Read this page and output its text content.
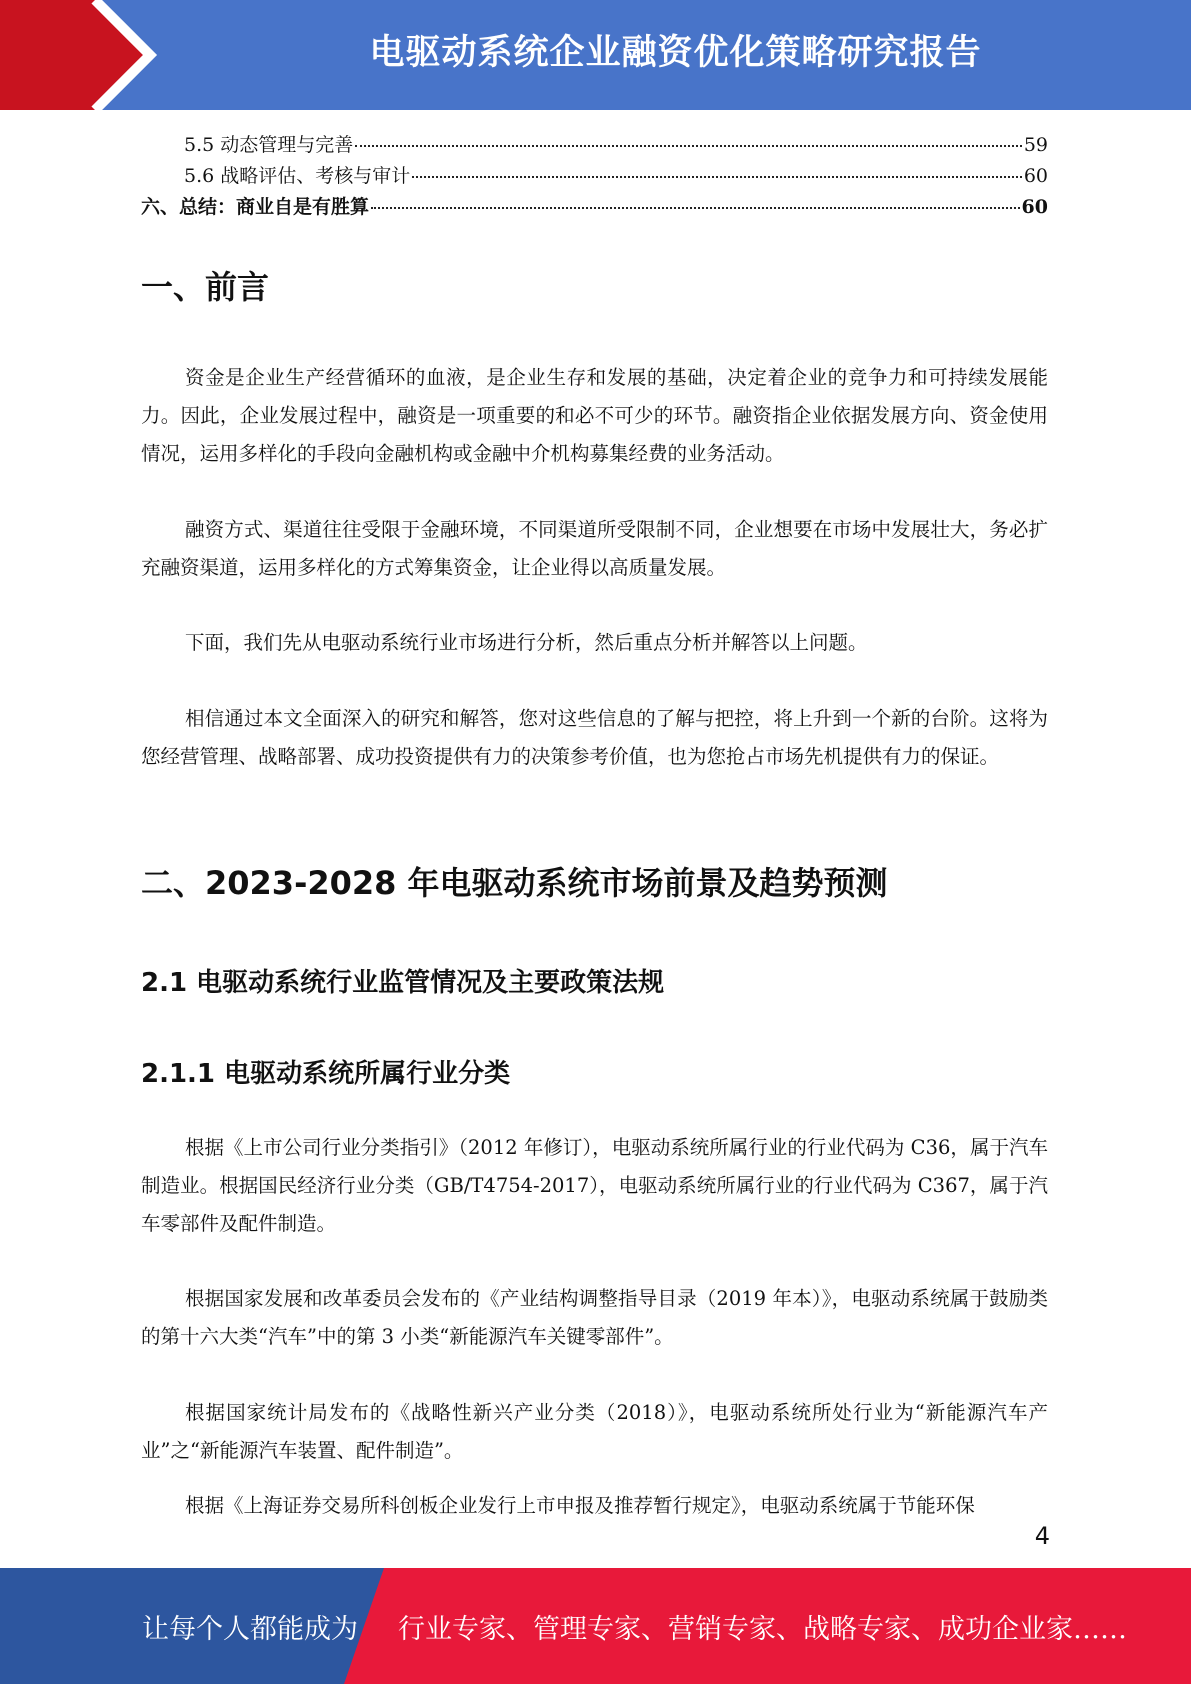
电驱动系统企业融资优化策略研究报告
5.5 动态管理与完善	59
5.6 战略评估、考核与审计	60
六、总结：商业自是有胜算	60
一、前言

资金是企业生产经营循环的血液，是企业生存和发展的基础，决定着企业的竞争力和可持续发展能力。因此，企业发展过程中，融资是一项重要的和必不可少的环节。融资指企业依据发展方向、资金使用情况，运用多样化的手段向金融机构或金融中介机构募集经费的业务活动。

融资方式、渠道往往受限于金融环境，不同渠道所受限制不同，企业想要在市场中发展壮大，务必扩充融资渠道，运用多样化的方式筹集资金，让企业得以高质量发展。

下面，我们先从电驱动系统行业市场进行分析，然后重点分析并解答以上问题。

相信通过本文全面深入的研究和解答，您对这些信息的了解与把控，将上升到一个新的台阶。这将为您经营管理、战略部署、成功投资提供有力的决策参考价值，也为您抢占市场先机提供有力的保证。

二、2023-2028 年电驱动系统市场前景及趋势预测
2.1 电驱动系统行业监管情况及主要政策法规
2.1.1 电驱动系统所属行业分类

根据《上市公司行业分类指引》（2012 年修订），电驱动系统所属行业的行业代码为 C36，属于汽车制造业。根据国民经济行业分类（GB/T4754-2017），电驱动系统所属行业的行业代码为 C367，属于汽车零部件及配件制造。

根据国家发展和改革委员会发布的《产业结构调整指导目录（2019 年本）》，电驱动系统属于鼓励类的第十六大类“汽车”中的第 3 小类“新能源汽车关键零部件”。

根据国家统计局发布的《战略性新兴产业分类（2018）》，电驱动系统所处行业为“新能源汽车产业”之“新能源汽车装置、配件制造”。

根据《上海证券交易所科创板企业发行上市申报及推荐暂行规定》，电驱动系统属于节能环保

4
让每个人都能成为 行业专家、管理专家、营销专家、战略专家、成功企业家……
